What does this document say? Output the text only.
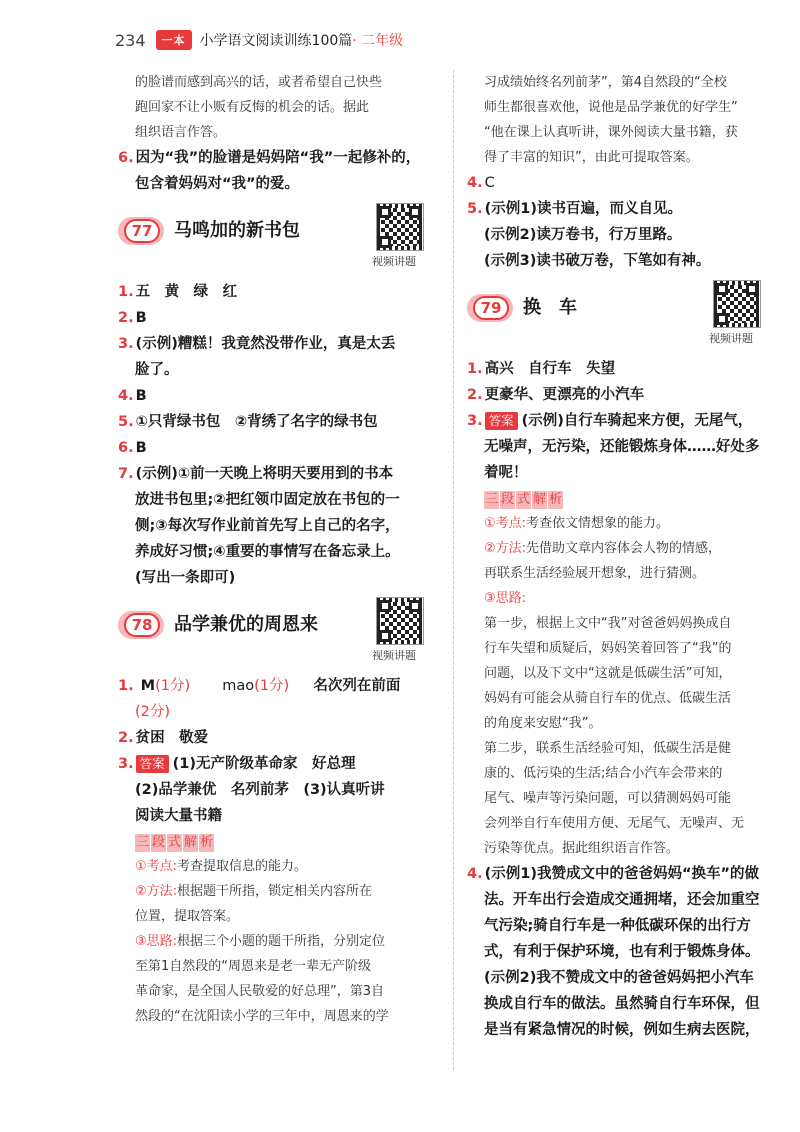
234	一本	小学语文阅读训练100篇 · 二年级

的脸谱而感到高兴的话，或者希望自己快些

跑回家不让小贩有反悔的机会的话。据此

组织语言作答。

6. 因为“我”的脸谱是妈妈陪“我”一起修补的，

包含着妈妈对“我”的爱。

77	马鸣加的新书包
视频讲题

1. 五　黄　绿　红

2. B

3. (示例)糟糕！我竟然没带作业，真是太丢

脸了。

4. B

5. ①只背绿书包　②背绣了名字的绿书包

6. B

7. (示例)①前一天晚上将明天要用到的书本

放进书包里;②把红领巾固定放在书包的一

侧;③每次写作业前首先写上自己的名字，

养成好习惯;④重要的事情写在备忘录上。

(写出一条即可)

78	品学兼优的周恩来
视频讲题

1. M(1分) mao(1分) 名次列在前面

(2分)

2. 贫困　敬爱

3. 答案 (1)无产阶级革命家　好总理

(2)品学兼优　名列前茅　(3)认真听讲

阅读大量书籍

三 段 式 解 析

①考点:考查提取信息的能力。

②方法:根据题干所指，锁定相关内容所在

位置，提取答案。

③思路:根据三个小题的题干所指，分别定位

至第1自然段的“周恩来是老一辈无产阶级

革命家，是全国人民敬爱的好总理”，第3自

然段的“在沈阳读小学的三年中，周恩来的学

习成绩始终名列前茅”，第4自然段的“全校

师生都很喜欢他，说他是品学兼优的好学生”

“他在课上认真听讲，课外阅读大量书籍，获

得了丰富的知识”，由此可提取答案。

4. C

5. (示例1)读书百遍，而义自见。

(示例2)读万卷书，行万里路。

(示例3)读书破万卷，下笔如有神。

79	换　车
视频讲题

1. 高兴　自行车　失望

2. 更豪华、更漂亮的小汽车

3. 答案 (示例)自行车骑起来方便，无尾气，

无噪声，无污染，还能锻炼身体……好处多

着呢！

三 段 式 解 析

①考点:考查依文情想象的能力。

②方法:先借助文章内容体会人物的情感，

再联系生活经验展开想象，进行猜测。

③思路:

第一步，根据上文中“我”对爸爸妈妈换成自

行车失望和质疑后，妈妈笑着回答了“我”的

问题，以及下文中“这就是低碳生活”可知，

妈妈有可能会从骑自行车的优点、低碳生活

的角度来安慰“我”。

第二步，联系生活经验可知，低碳生活是健

康的、低污染的生活;结合小汽车会带来的

尾气、噪声等污染问题，可以猜测妈妈可能

会列举自行车使用方便、无尾气、无噪声、无

污染等优点。据此组织语言作答。

4. (示例1)我赞成文中的爸爸妈妈“换车”的做

法。开车出行会造成交通拥堵，还会加重空

气污染;骑自行车是一种低碳环保的出行方

式，有利于保护环境，也有利于锻炼身体。

(示例2)我不赞成文中的爸爸妈妈把小汽车

换成自行车的做法。虽然骑自行车环保，但

是当有紧急情况的时候，例如生病去医院，
